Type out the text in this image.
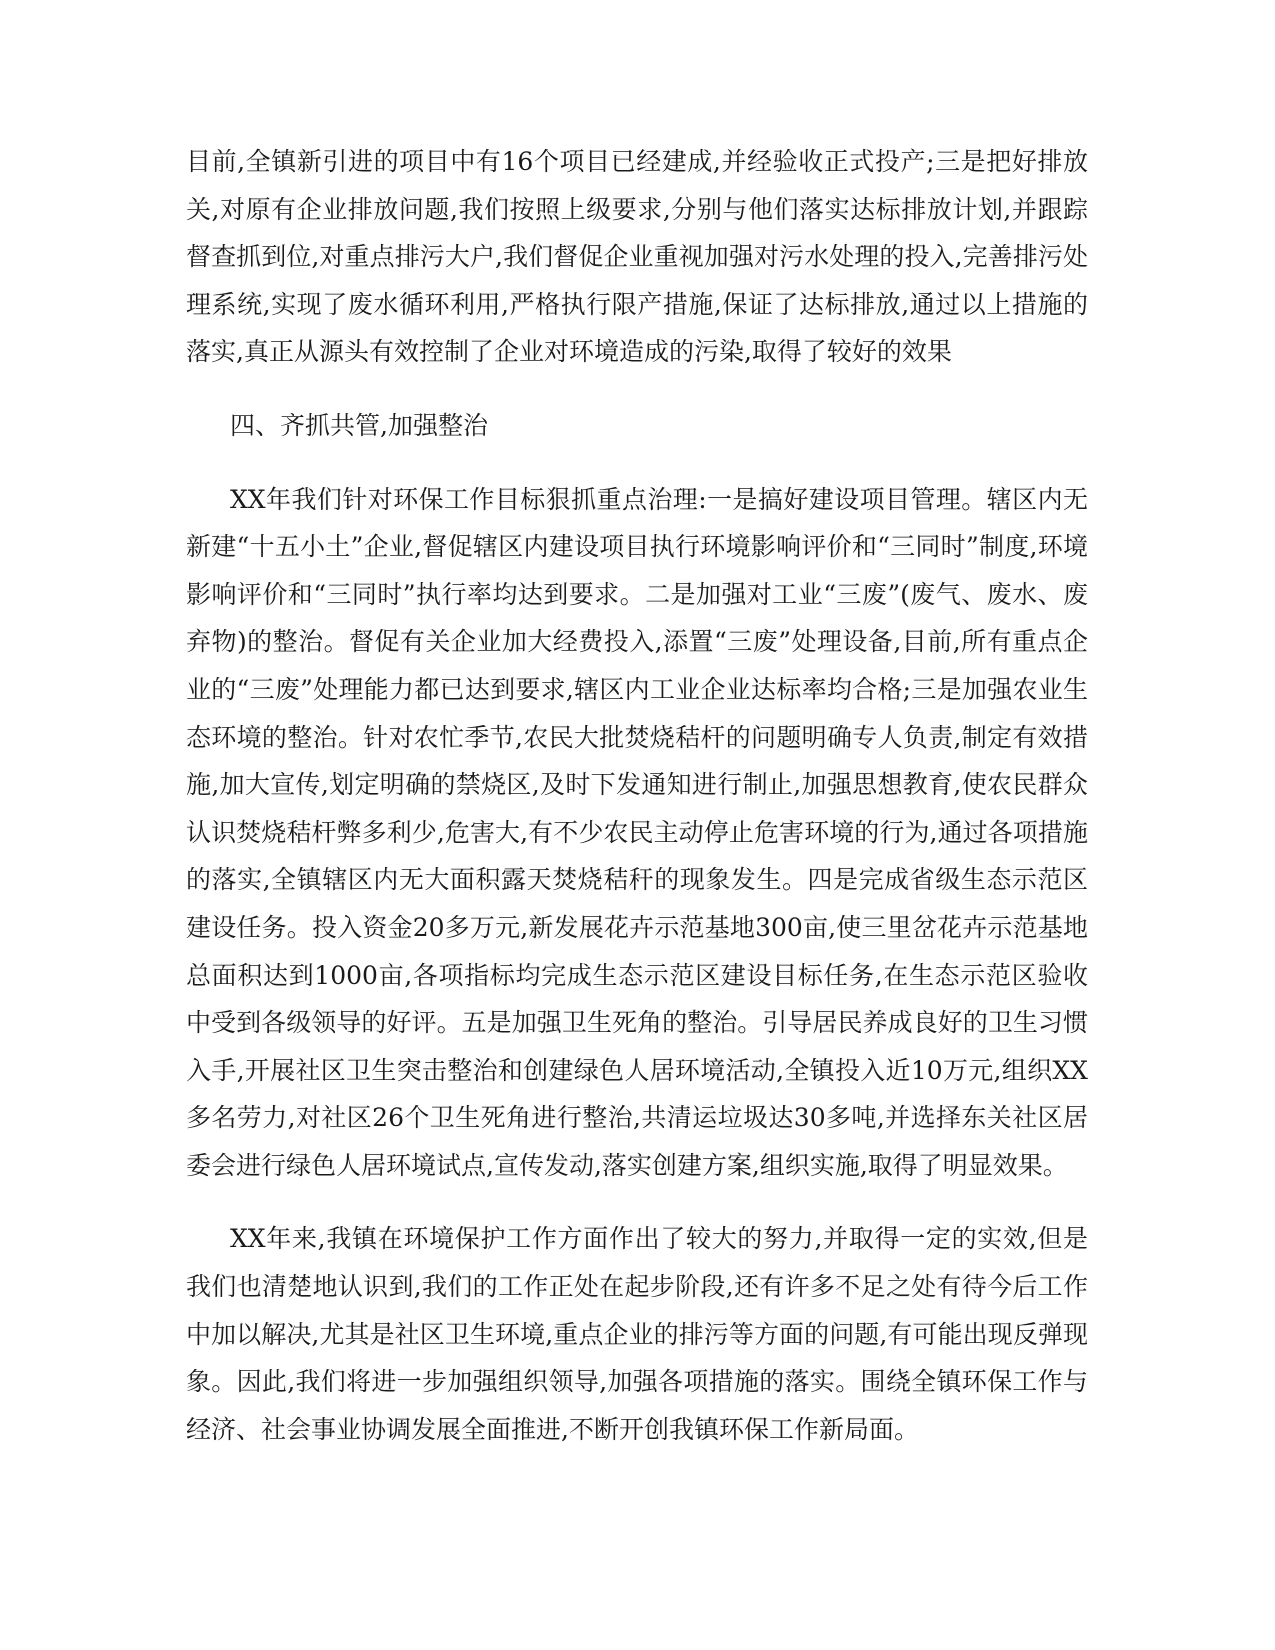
目前,全镇新引进的项目中有16个项目已经建成,并经验收正式投产;三是把好排放关,对原有企业排放问题,我们按照上级要求,分别与他们落实达标排放计划,并跟踪督查抓到位,对重点排污大户,我们督促企业重视加强对污水处理的投入,完善排污处理系统,实现了废水循环利用,严格执行限产措施,保证了达标排放,通过以上措施的落实,真正从源头有效控制了企业对环境造成的污染,取得了较好的效果

四、齐抓共管,加强整治

XX年我们针对环保工作目标狠抓重点治理:一是搞好建设项目管理。辖区内无新建“十五小土”企业,督促辖区内建设项目执行环境影响评价和“三同时”制度,环境影响评价和“三同时”执行率均达到要求。二是加强对工业“三废”(废气、废水、废弃物)的整治。督促有关企业加大经费投入,添置“三废”处理设备,目前,所有重点企业的“三废”处理能力都已达到要求,辖区内工业企业达标率均合格;三是加强农业生态环境的整治。针对农忙季节,农民大批焚烧秸杆的问题明确专人负责,制定有效措施,加大宣传,划定明确的禁烧区,及时下发通知进行制止,加强思想教育,使农民群众认识焚烧秸杆弊多利少,危害大,有不少农民主动停止危害环境的行为,通过各项措施的落实,全镇辖区内无大面积露天焚烧秸秆的现象发生。四是完成省级生态示范区建设任务。投入资金20多万元,新发展花卉示范基地300亩,使三里岔花卉示范基地总面积达到1000亩,各项指标均完成生态示范区建设目标任务,在生态示范区验收中受到各级领导的好评。五是加强卫生死角的整治。引导居民养成良好的卫生习惯入手,开展社区卫生突击整治和创建绿色人居环境活动,全镇投入近10万元,组织XX多名劳力,对社区26个卫生死角进行整治,共清运垃圾达30多吨,并选择东关社区居委会进行绿色人居环境试点,宣传发动,落实创建方案,组织实施,取得了明显效果。

XX年来,我镇在环境保护工作方面作出了较大的努力,并取得一定的实效,但是我们也清楚地认识到,我们的工作正处在起步阶段,还有许多不足之处有待今后工作中加以解决,尤其是社区卫生环境,重点企业的排污等方面的问题,有可能出现反弹现象。因此,我们将进一步加强组织领导,加强各项措施的落实。围绕全镇环保工作与经济、社会事业协调发展全面推进,不断开创我镇环保工作新局面。
